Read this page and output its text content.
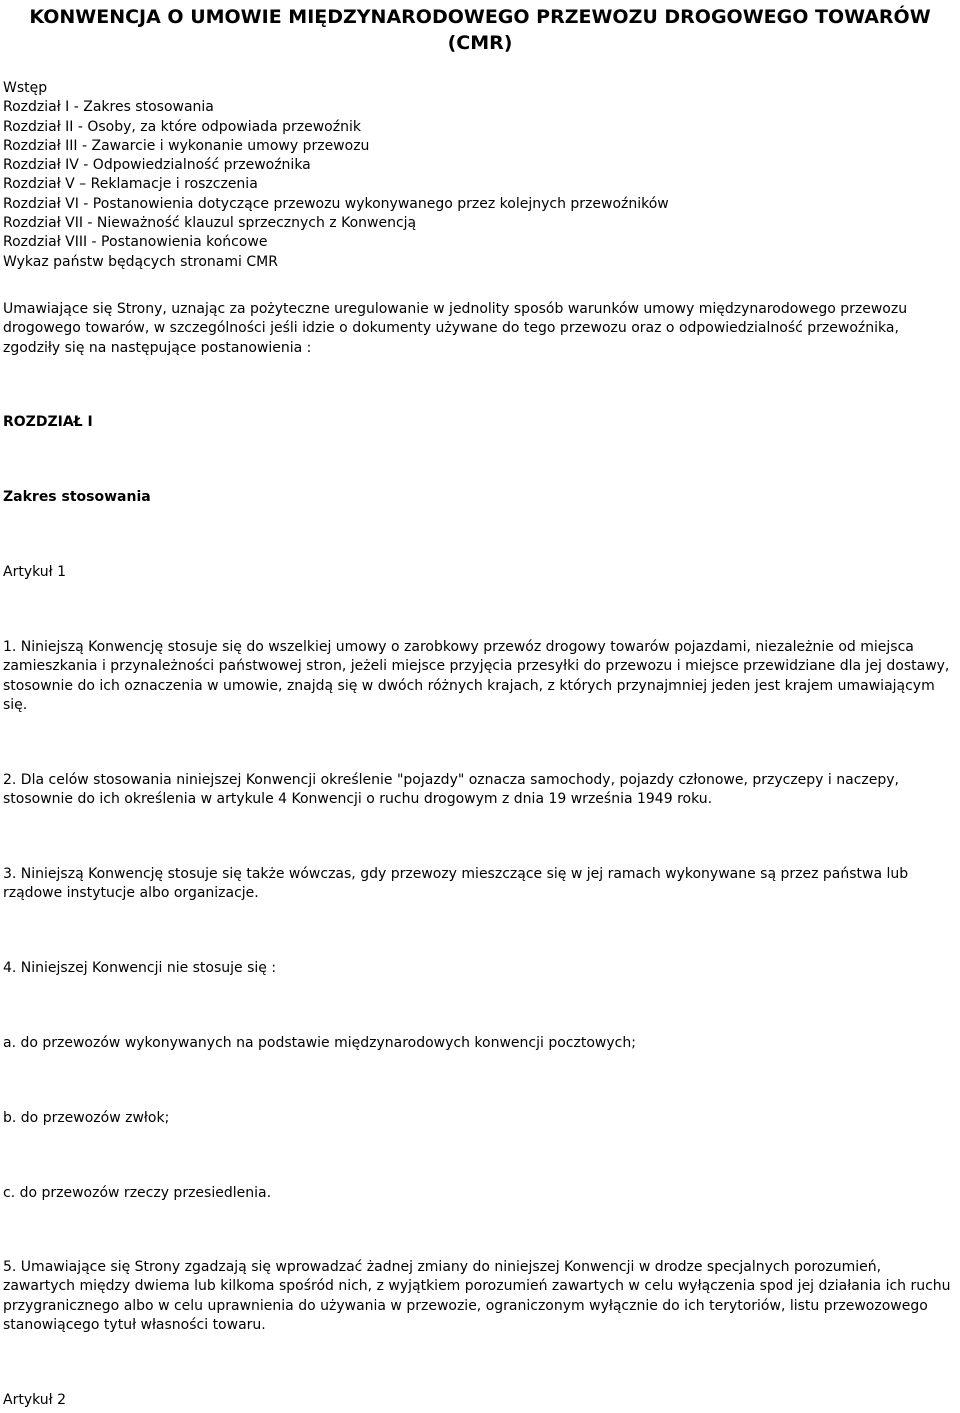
KONWENCJA O UMOWIE MIĘDZYNARODOWEGO PRZEWOZU DROGOWEGO TOWARÓW (CMR)
Wstęp
Rozdział I - Zakres stosowania
Rozdział II - Osoby, za które odpowiada przewoźnik
Rozdział III - Zawarcie i wykonanie umowy przewozu
Rozdział IV - Odpowiedzialność przewoźnika
Rozdział V – Reklamacje i roszczenia
Rozdział VI - Postanowienia dotyczące przewozu wykonywanego przez kolejnych przewoźników
Rozdział VII - Nieważność klauzul sprzecznych z Konwencją
Rozdział VIII - Postanowienia końcowe
Wykaz państw będących stronami CMR

Umawiające się Strony, uznając za pożyteczne uregulowanie w jednolity sposób warunków umowy międzynarodowego przewozu drogowego towarów, w szczególności jeśli idzie o dokumenty używane do tego przewozu oraz o odpowiedzialność przewoźnika, zgodziły się na następujące postanowienia :

ROZDZIAŁ I
Zakres stosowania
Artykuł 1

1. Niniejszą Konwencję stosuje się do wszelkiej umowy o zarobkowy przewóz drogowy towarów pojazdami, niezależnie od miejsca zamieszkania i przynależności państwowej stron, jeżeli miejsce przyjęcia przesyłki do przewozu i miejsce przewidziane dla jej dostawy, stosownie do ich oznaczenia w umowie, znajdą się w dwóch różnych krajach, z których przynajmniej jeden jest krajem umawiającym się.

2. Dla celów stosowania niniejszej Konwencji określenie "pojazdy" oznacza samochody, pojazdy członowe, przyczepy i naczepy, stosownie do ich określenia w artykule 4 Konwencji o ruchu drogowym z dnia 19 września 1949 roku.

3. Niniejszą Konwencję stosuje się także wówczas, gdy przewozy mieszczące się w jej ramach wykonywane są przez państwa lub rządowe instytucje albo organizacje.

4. Niniejszej Konwencji nie stosuje się :

a. do przewozów wykonywanych na podstawie międzynarodowych konwencji pocztowych;

b. do przewozów zwłok;

c. do przewozów rzeczy przesiedlenia.

5. Umawiające się Strony zgadzają się wprowadzać żadnej zmiany do niniejszej Konwencji w drodze specjalnych porozumień, zawartych między dwiema lub kilkoma spośród nich, z wyjątkiem porozumień zawartych w celu wyłączenia spod jej działania ich ruchu przygranicznego albo w celu uprawnienia do używania w przewozie, ograniczonym wyłącznie do ich terytoriów, listu przewozowego stanowiącego tytuł własności towaru.

Artykuł 2
